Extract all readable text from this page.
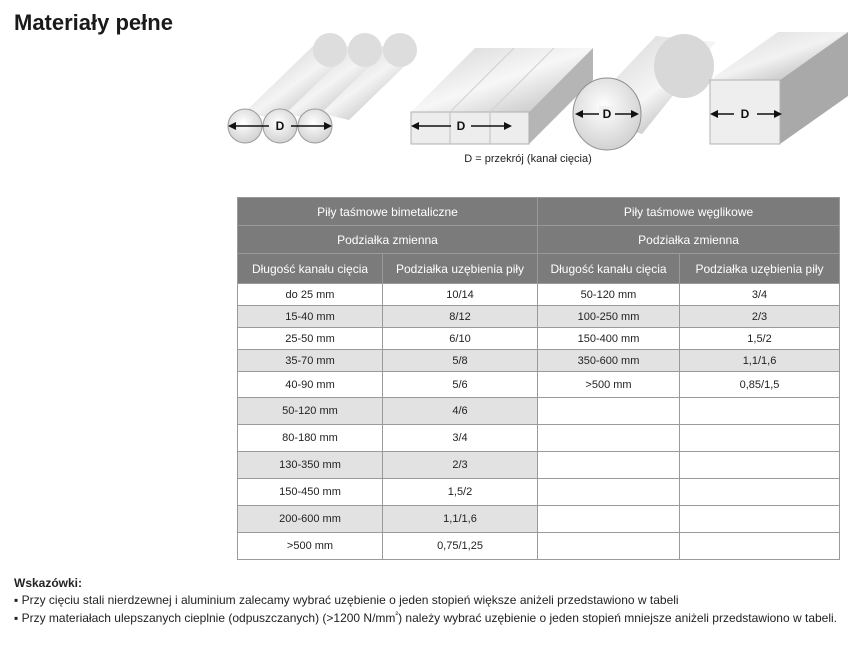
Materiały pełne
D	D
D	D
D = przekrój (kanał cięcia)
Piły taśmowe bimetaliczne		Piły taśmowe węglikowe	
Podziałka zmienna		Podziałka zmienna	
Długość kanału cięcia	Podziałka uzębienia piły	Długość kanału cięcia	Podziałka uzębienia piły
do 25 mm	10/14	50-120 mm	3/4
15-40 mm	8/12	100-250 mm	2/3
25-50 mm	6/10	150-400 mm	1,5/2
35-70 mm	5/8	350-600 mm	1,1/1,6
40-90 mm	5/6	>500 mm	0,85/1,5
50-120 mm	4/6		
80-180 mm	3/4		
130-350 mm	2/3		
150-450 mm	1,5/2		
200-600 mm	1,1/1,6		
>500 mm	0,75/1,25		
Wskazówki:
▪ Przy cięciu stali nierdzewnej i aluminium zalecamy wybrać uzębienie o jeden stopień większe aniżeli przedstawiono w tabeli
▪ Przy materiałach ulepszanych cieplnie (odpuszczanych) (>1200 $N/mm^{^2}$) należy wybrać uzębienie o jeden stopień mniejsze aniżeli przedstawiono w tabeli.
